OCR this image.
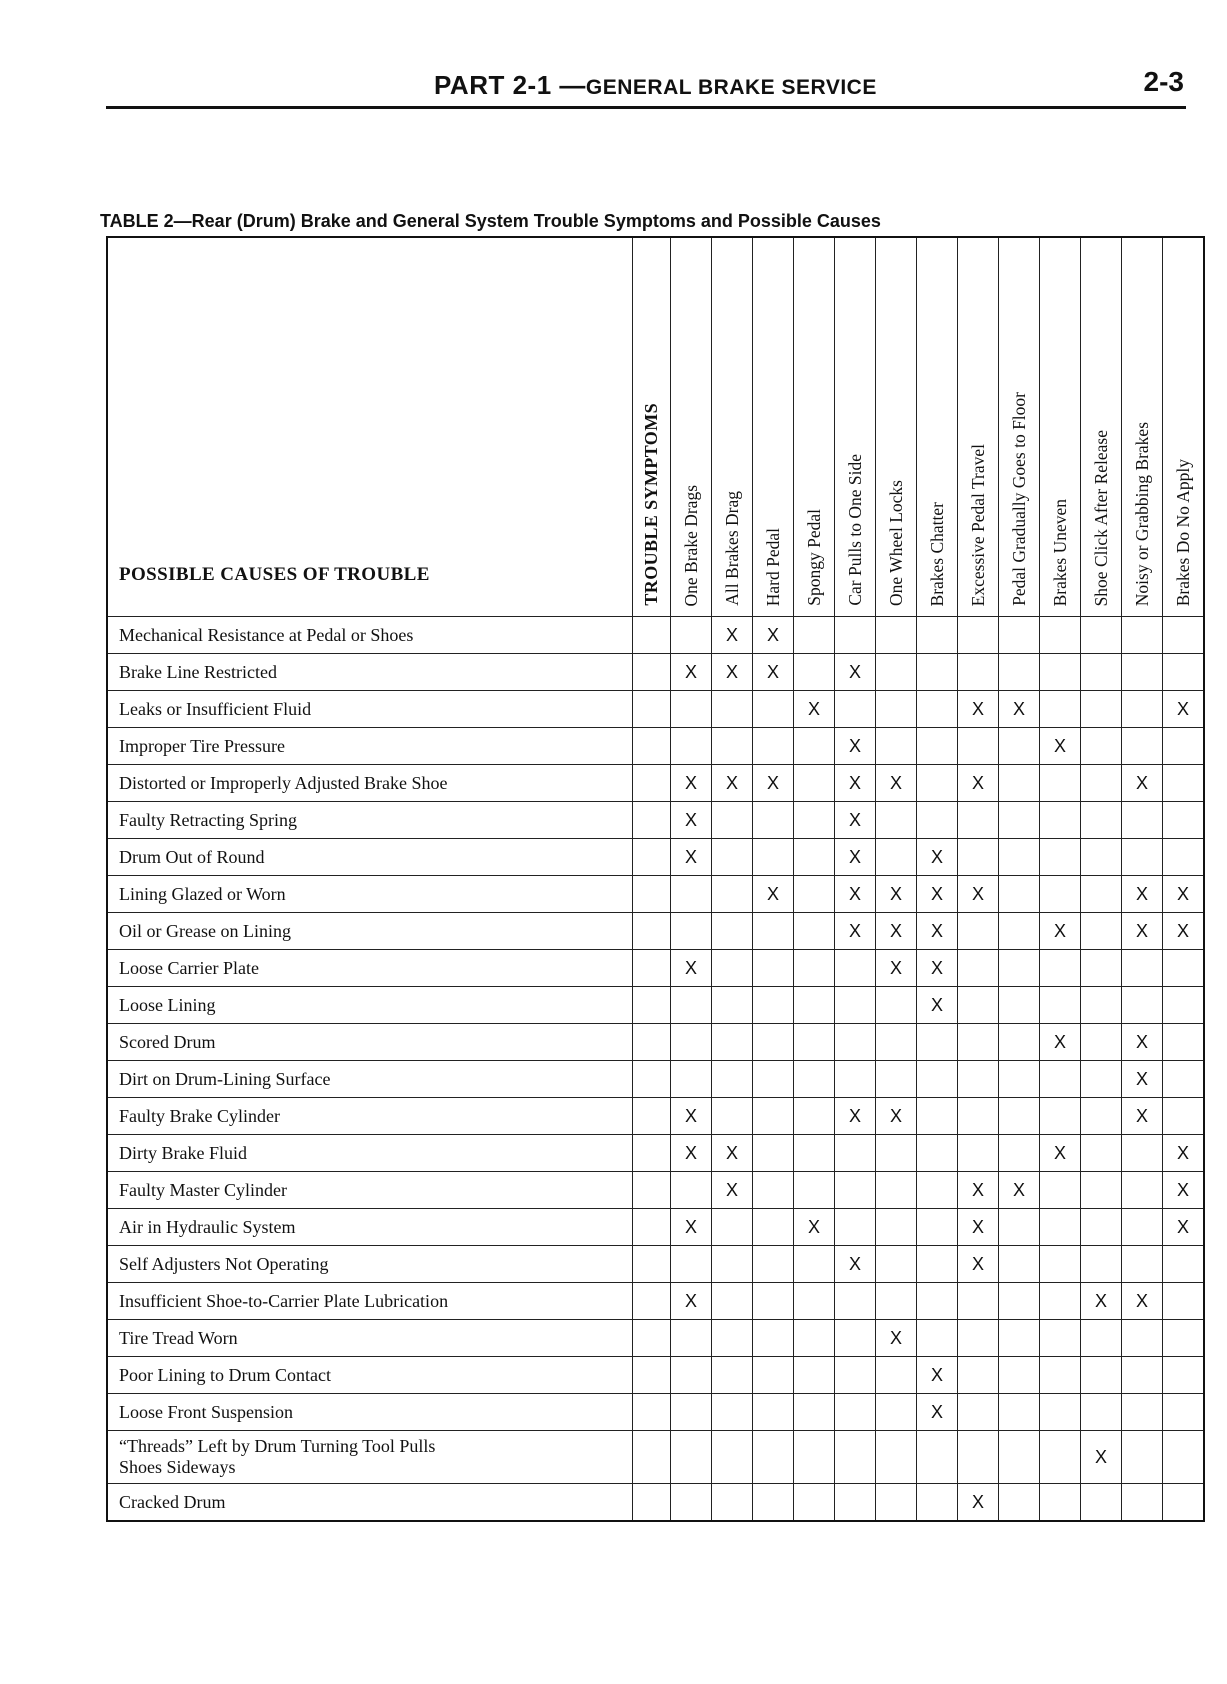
PART 2-1 —GENERAL BRAKE SERVICE	2-3
TABLE 2—Rear (Drum) Brake and General System Trouble Symptoms and Possible Causes
POSSIBLE CAUSES OF TROUBLE	TROUBLE SYMPTOMS	One Brake Drags	All Brakes Drag	Hard Pedal	Spongy Pedal	Car Pulls to One Side	One Wheel Locks	Brakes Chatter	Excessive Pedal Travel	Pedal Gradually Goes to Floor	Brakes Uneven	Shoe Click After Release	Noisy or Grabbing Brakes	Brakes Do No Apply

Mechanical Resistance at Pedal or Shoes			X	X										
Brake Line Restricted		X	X	X		X								
Leaks or Insufficient Fluid					X				X	X				X
Improper Tire Pressure						X					X			
Distorted or Improperly Adjusted Brake Shoe		X	X	X		X	X		X				X	
Faulty Retracting Spring		X				X								
Drum Out of Round		X				X		X						
Lining Glazed or Worn				X		X	X	X	X				X	X
Oil or Grease on Lining						X	X	X			X		X	X
Loose Carrier Plate		X					X	X						
Loose Lining								X						
Scored Drum											X		X	
Dirt on Drum-Lining Surface													X	
Faulty Brake Cylinder		X				X	X						X	
Dirty Brake Fluid		X	X								X			X
Faulty Master Cylinder			X						X	X				X
Air in Hydraulic System		X			X				X					X
Self Adjusters Not Operating						X			X					
Insufficient Shoe-to-Carrier Plate Lubrication		X										X	X	
Tire Tread Worn							X							
Poor Lining to Drum Contact								X						
Loose Front Suspension								X						
“Threads” Left by Drum Turning Tool Pulls
Shoes Sideways												X		
Cracked Drum									X					
